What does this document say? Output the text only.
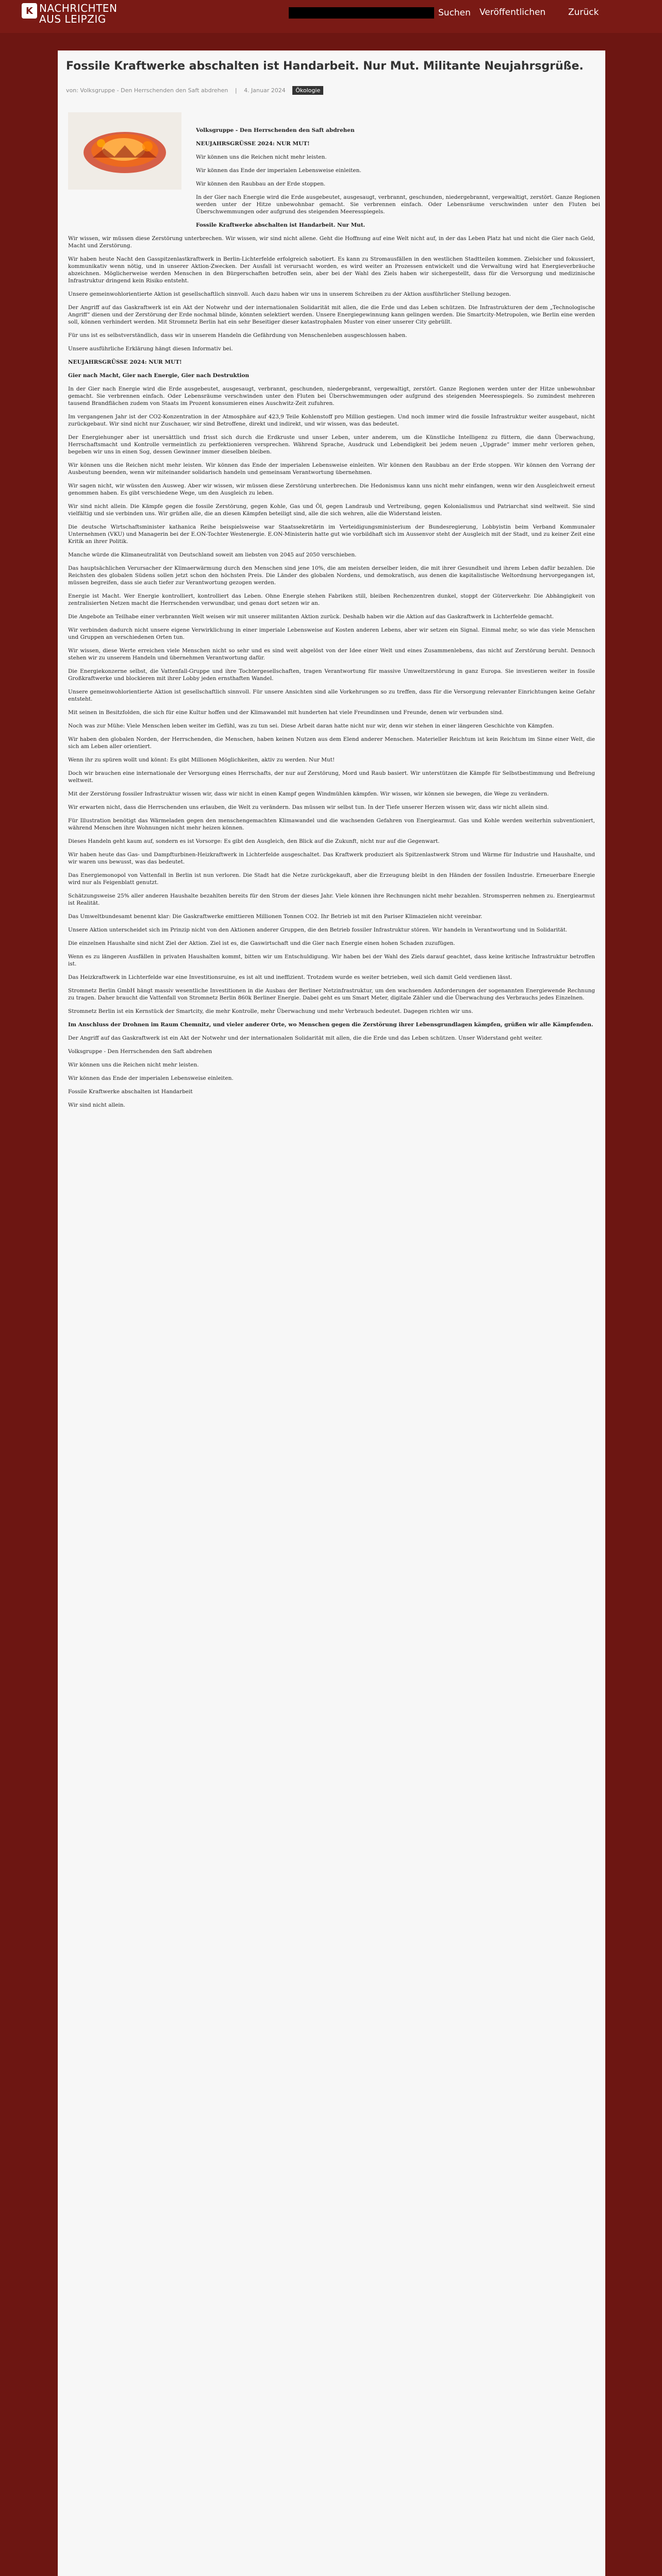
K NACHRICHTEN
AUS LEIPZIG	Suchen	Veröffentlichen	Zurück
Fossile Kraftwerke abschalten ist Handarbeit. Nur Mut. Militante Neujahrsgrüße.
von: Volksgruppe - Den Herrschenden den Saft abdrehen | 4. Januar 2024 Ökologie

Volksgruppe - Den Herrschenden den Saft abdrehen

NEUJAHRSGRÜSSE 2024: NUR MUT!

Wir können uns die Reichen nicht mehr leisten.

Wir können das Ende der imperialen Lebensweise einleiten.

Wir können den Raubbau an der Erde stoppen.

In der Gier nach Energie wird die Erde ausgebeutet, ausgesaugt, verbrannt, geschunden, niedergebrannt, vergewaltigt, zerstört. Ganze Regionen werden unter der Hitze unbewohnbar gemacht. Sie verbrennen einfach. Oder Lebensräume verschwinden unter den Fluten bei Überschwemmungen oder aufgrund des steigenden Meeresspiegels.

Fossile Kraftwerke abschalten ist Handarbeit. Nur Mut.

Wir wissen, wir müssen diese Zerstörung unterbrechen. Wir wissen, wir sind nicht allene. Geht die Hoffnung auf eine Welt nicht auf, in der das Leben Platz hat und nicht die Gier nach Geld, Macht und Zerstörung.

Wir haben heute Nacht den Gasspitzenlastkraftwerk in Berlin-Lichterfelde erfolgreich sabotiert. Es kann zu Stromausfällen in den westlichen Stadtteilen kommen. Zielsicher und fokussiert, kommunikativ wenn nötig, und in unserer Aktion-Zwecken. Der Ausfall ist verursacht worden, es wird weiter an Prozessen entwickelt und die Verwaltung wird hat Energieverbräuche abzeichnen. Möglicherweise werden Menschen in den Bürgerschaften betroffen sein, aber bei der Wahl des Ziels haben wir sichergestellt, dass für die Versorgung und medizinische Infrastruktur dringend kein Risiko entsteht.

Unsere gemeinwohlorientierte Aktion ist gesellschaftlich sinnvoll. Auch dazu haben wir uns in unserem Schreiben zu der Aktion ausführlicher Stellung bezogen.

Der Angriff auf das Gaskraftwerk ist ein Akt der Notwehr und der internationalen Solidarität mit allen, die die Erde und das Leben schützen. Die Infrastrukturen der dem „Technologische Angriff“ dienen und der Zerstörung der Erde nochmal blinde, könnten selektiert werden. Unsere Energiegewinnung kann gelingen werden. Die Smartcity-Metropolen, wie Berlin eine werden soll, können verhindert werden. Mit Stromnetz Berlin hat ein sehr Beseitiger dieser katastrophalen Muster von einer unserer City gebrüllt.

Für uns ist es selbstverständlich, dass wir in unserem Handeln die Gefährdung von Menschenleben ausgeschlossen haben.

Unsere ausführliche Erklärung hängt diesen Informativ bei.

NEUJAHRSGRÜSSE 2024: NUR MUT!

Gier nach Macht, Gier nach Energie, Gier nach Destruktion

In der Gier nach Energie wird die Erde ausgebeutet, ausgesaugt, verbrannt, geschunden, niedergebrannt, vergewaltigt, zerstört. Ganze Regionen werden unter der Hitze unbewohnbar gemacht. Sie verbrennen einfach. Oder Lebensräume verschwinden unter den Fluten bei Überschwemmungen oder aufgrund des steigenden Meeresspiegels. So zumindest mehreren tausend Brandflächen zudem von Staats im Prozent konsumieren eines Auschwitz-Zeit zufuhren.

Im vergangenen Jahr ist der CO2-Konzentration in der Atmosphäre auf 423,9 Teile Kohlenstoff pro Million gestiegen. Und noch immer wird die fossile Infrastruktur weiter ausgebaut, nicht zurückgebaut. Wir sind nicht nur Zuschauer, wir sind Betroffene, direkt und indirekt, und wir wissen, was das bedeutet.

Der Energiehunger aber ist unersättlich und frisst sich durch die Erdkruste und unser Leben, unter anderem, um die Künstliche Intelligenz zu füttern, die dann Überwachung, Herrschaftsmacht und Kontrolle vermeintlich zu perfektionieren versprechen. Während Sprache, Ausdruck und Lebendigkeit bei jedem neuen „Upgrade“ immer mehr verloren gehen, begeben wir uns in einen Sog, dessen Gewinner immer dieselben bleiben.

Wir können uns die Reichen nicht mehr leisten. Wir können das Ende der imperialen Lebensweise einleiten. Wir können den Raubbau an der Erde stoppen. Wir können den Vorrang der Ausbeutung beenden, wenn wir miteinander solidarisch handeln und gemeinsam Verantwortung übernehmen.

Wir sagen nicht, wir wüssten den Ausweg. Aber wir wissen, wir müssen diese Zerstörung unterbrechen. Die Hedonismus kann uns nicht mehr einfangen, wenn wir den Ausgleichweit erneut genommen haben. Es gibt verschiedene Wege, um den Ausgleich zu leben.

Wir sind nicht allein. Die Kämpfe gegen die fossile Zerstörung, gegen Kohle, Gas und Öl, gegen Landraub und Vertreibung, gegen Kolonialismus und Patriarchat sind weltweit. Sie sind vielfältig und sie verbinden uns. Wir grüßen alle, die an diesen Kämpfen beteiligt sind, alle die sich wehren, alle die Widerstand leisten.

Die deutsche Wirtschaftsminister kathanica Reihe beispielsweise war Staatssekretärin im Verteidigungsministerium der Bundesregierung, Lobbyistin beim Verband Kommunaler Unternehmen (VKU) und Managerin bei der E.ON-Tochter Westenergie. E.ON-Ministerin hatte gut wie vorbildhaft sich im Aussenvor steht der Ausgleich mit der Stadt, und zu keiner Zeit eine Kritik an ihrer Politik.

Manche würde die Klimaneutralität von Deutschland soweit am liebsten von 2045 auf 2050 verschieben.

Das hauptsächlichen Verursacher der Klimaerwärmung durch den Menschen sind jene 10%, die am meisten derselber leiden, die mit ihrer Gesundheit und ihrem Leben dafür bezahlen. Die Reichsten des globalen Südens sollen jetzt schon den höchsten Preis. Die Länder des globalen Nordens, und demokratisch, aus denen die kapitalistische Weltordnung hervorgegangen ist, müssen begreifen, dass sie auch tiefer zur Verantwortung gezogen werden.

Energie ist Macht. Wer Energie kontrolliert, kontrolliert das Leben. Ohne Energie stehen Fabriken still, bleiben Rechenzentren dunkel, stoppt der Güterverkehr. Die Abhängigkeit von zentralisierten Netzen macht die Herrschenden verwundbar, und genau dort setzen wir an.

Die Angebote an Teilhabe einer verbrannten Welt weisen wir mit unserer militanten Aktion zurück. Deshalb haben wir die Aktion auf das Gaskraftwerk in Lichterfelde gemacht.

Wir verbinden dadurch nicht unsere eigene Verwirklichung in einer imperiale Lebensweise auf Kosten anderen Lebens, aber wir setzen ein Signal. Einmal mehr, so wie das viele Menschen und Gruppen an verschiedenen Orten tun.

Wir wissen, diese Werte erreichen viele Menschen nicht so sehr und es sind weit abgelöst von der Idee einer Welt und eines Zusammenlebens, das nicht auf Zerstörung beruht. Dennoch stehen wir zu unserem Handeln und übernehmen Verantwortung dafür.

Die Energiekonzerne selbst, die Vattenfall-Gruppe und ihre Tochtergesellschaften, tragen Verantwortung für massive Umweltzerstörung in ganz Europa. Sie investieren weiter in fossile Großkraftwerke und blockieren mit ihrer Lobby jeden ernsthaften Wandel.

Unsere gemeinwohlorientierte Aktion ist gesellschaftlich sinnvoll. Für unsere Ansichten sind alle Vorkehrungen so zu treffen, dass für die Versorgung relevanter Einrichtungen keine Gefahr entsteht.

Mit seinen in Besitzfolden, die sich für eine Kultur hoffen und der Klimawandel mit hunderten hat viele Freundinnen und Freunde, denen wir verbunden sind.

Noch was zur Mühe: Viele Menschen leben weiter im Gefühl, was zu tun sei. Diese Arbeit daran hatte nicht nur wir, denn wir stehen in einer längeren Geschichte von Kämpfen.

Wir haben den globalen Norden, der Herrschenden, die Menschen, haben keinen Nutzen aus dem Elend anderer Menschen. Materieller Reichtum ist kein Reichtum im Sinne einer Welt, die sich am Leben aller orientiert.

Wenn ihr zu spüren wollt und könnt: Es gibt Millionen Möglichkeiten, aktiv zu werden. Nur Mut!

Doch wir brauchen eine internationale der Versorgung eines Herrschafts, der nur auf Zerstörung, Mord und Raub basiert. Wir unterstützen die Kämpfe für Selbstbestimmung und Befreiung weltweit.

Mit der Zerstörung fossiler Infrastruktur wissen wir, dass wir nicht in einen Kampf gegen Windmühlen kämpfen. Wir wissen, wir können sie bewegen, die Wege zu verändern.

Wir erwarten nicht, dass die Herrschenden uns erlauben, die Welt zu verändern. Das müssen wir selbst tun. In der Tiefe unserer Herzen wissen wir, dass wir nicht allein sind.

Für Illustration benötigt das Wärmeladen gegen den menschengemachten Klimawandel und die wachsenden Gefahren von Energiearmut. Gas und Kohle werden weiterhin subventioniert, während Menschen ihre Wohnungen nicht mehr heizen können.

Dieses Handeln geht kaum auf, sondern es ist Vorsorge: Es gibt den Ausgleich, den Blick auf die Zukunft, nicht nur auf die Gegenwart.

Wir haben heute das Gas- und Dampfturbinen-Heizkraftwerk in Lichterfelde ausgeschaltet. Das Kraftwerk produziert als Spitzenlastwerk Strom und Wärme für Industrie und Haushalte, und wir waren uns bewusst, was das bedeutet.

Das Energiemonopol von Vattenfall in Berlin ist nun verloren. Die Stadt hat die Netze zurückgekauft, aber die Erzeugung bleibt in den Händen der fossilen Industrie. Erneuerbare Energie wird nur als Feigenblatt genutzt.

Schätzungsweise 25% aller anderen Haushalte bezahlten bereits für den Strom der dieses Jahr. Viele können ihre Rechnungen nicht mehr bezahlen. Stromsperren nehmen zu. Energiearmut ist Realität.

Das Umweltbundesamt benennt klar: Die Gaskraftwerke emittieren Millionen Tonnen CO2. Ihr Betrieb ist mit den Pariser Klimazielen nicht vereinbar.

Unsere Aktion unterscheidet sich im Prinzip nicht von den Aktionen anderer Gruppen, die den Betrieb fossiler Infrastruktur stören. Wir handeln in Verantwortung und in Solidarität.

Die einzelnen Haushalte sind nicht Ziel der Aktion. Ziel ist es, die Gaswirtschaft und die Gier nach Energie einen hohen Schaden zuzufügen.

Wenn es zu längeren Ausfällen in privaten Haushalten kommt, bitten wir um Entschuldigung. Wir haben bei der Wahl des Ziels darauf geachtet, dass keine kritische Infrastruktur betroffen ist.

Das Heizkraftwerk in Lichterfelde war eine Investitionsruine, es ist alt und ineffizient. Trotzdem wurde es weiter betrieben, weil sich damit Geld verdienen lässt.

Stromnetz Berlin GmbH hängt massiv wesentliche Investitionen in die Ausbau der Berliner Netzinfrastruktur, um den wachsenden Anforderungen der sogenannten Energiewende Rechnung zu tragen. Daher braucht die Vattenfall von Stromnetz Berlin 860k Berliner Energie. Dabei geht es um Smart Meter, digitale Zähler und die Überwachung des Verbrauchs jedes Einzelnen.

Stromnetz Berlin ist ein Kernstück der Smartcity, die mehr Kontrolle, mehr Überwachung und mehr Verbrauch bedeutet. Dagegen richten wir uns.

Im Anschluss der Drohnen im Raum Chemnitz, und vieler anderer Orte, wo Menschen gegen die Zerstörung ihrer Lebensgrundlagen kämpfen, grüßen wir alle Kämpfenden.

Der Angriff auf das Gaskraftwerk ist ein Akt der Notwehr und der internationalen Solidarität mit allen, die die Erde und das Leben schützen. Unser Widerstand geht weiter.

Volksgruppe - Den Herrschenden den Saft abdrehen

Wir können uns die Reichen nicht mehr leisten.

Wir können das Ende der imperialen Lebensweise einleiten.

Fossile Kraftwerke abschalten ist Handarbeit

Wir sind nicht allein.
